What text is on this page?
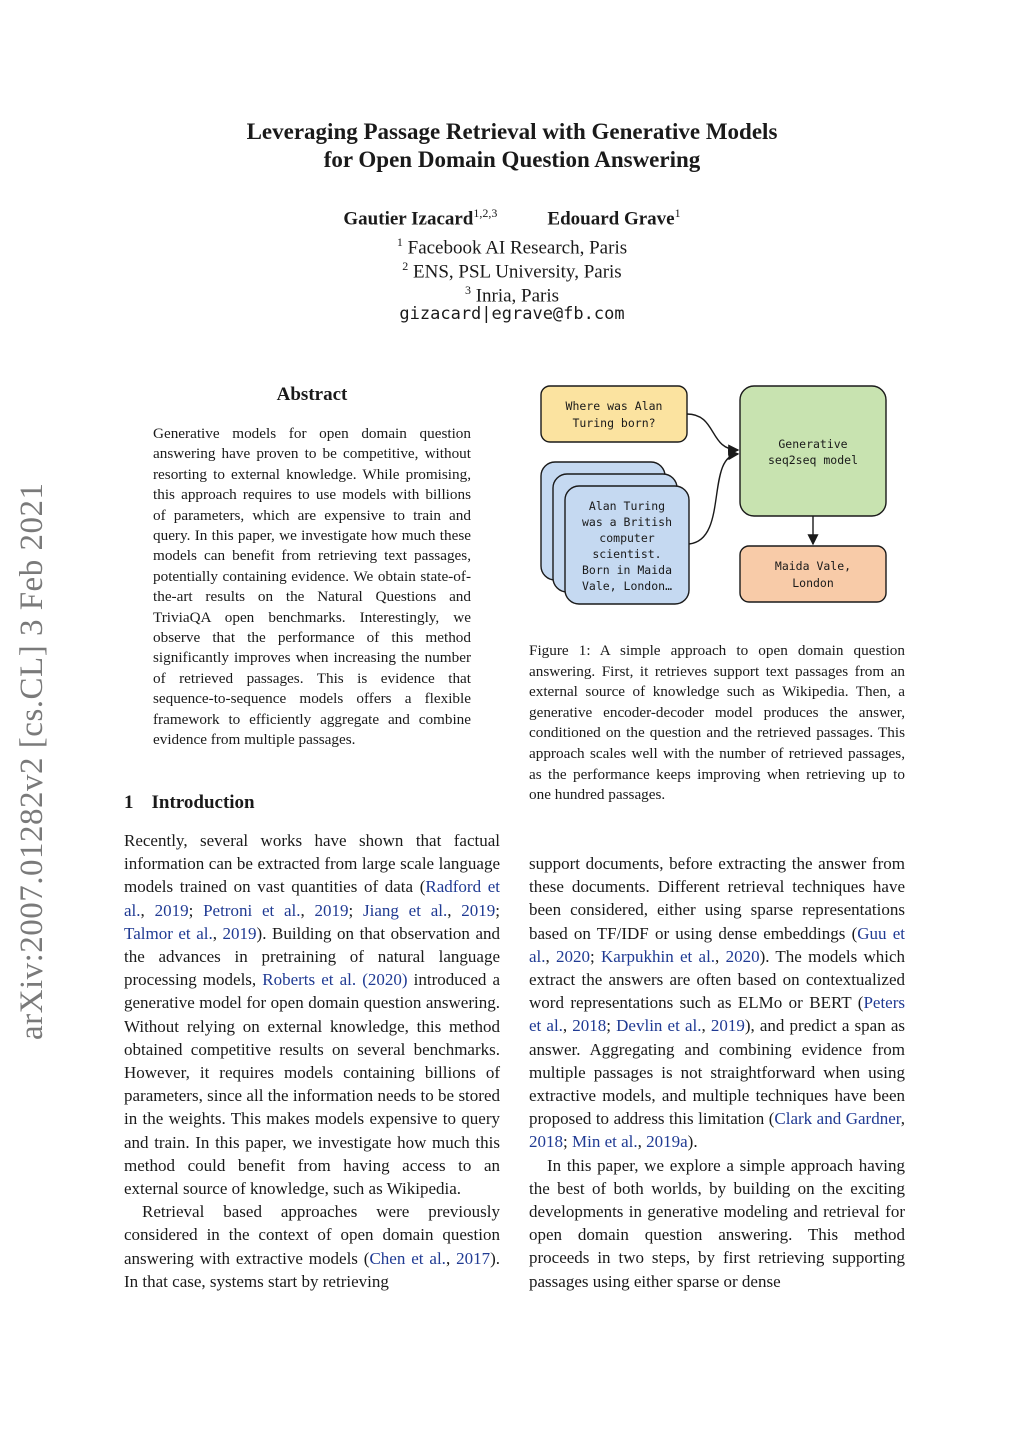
Leveraging Passage Retrieval with Generative Models
for Open Domain Question Answering
Gautier Izacard$^{1,2,3}$	Edouard Grave$^1$
$^1$ Facebook AI Research, Paris
$^2$ ENS, PSL University, Paris
$^3$ Inria, Paris
gizacard|egrave@fb.com
arXiv:2007.01282v2 [cs.CL] 3 Feb 2021
Abstract
Generative models for open domain question answering have proven to be competitive, without resorting to external knowledge. While promising, this approach requires to use models with billions of parameters, which are expensive to train and query. In this paper, we investigate how much these models can benefit from retrieving text passages, potentially containing evidence. We obtain state-of-the-art results on the Natural Questions and TriviaQA open benchmarks. Interestingly, we observe that the performance of this method significantly improves when increasing the number of retrieved passages. This is evidence that sequence-to-sequence models offers a flexible framework to efficiently aggregate and combine evidence from multiple passages.
1 Introduction

Recently, several works have shown that factual information can be extracted from large scale language models trained on vast quantities of data (Radford et al., 2019; Petroni et al., 2019; Jiang et al., 2019; Talmor et al., 2019). Building on that observation and the advances in pretraining of natural language processing models, Roberts et al. (2020) introduced a generative model for open domain question answering. Without relying on external knowledge, this method obtained competitive results on several benchmarks. However, it requires models containing billions of parameters, since all the information needs to be stored in the weights. This makes models expensive to query and train. In this paper, we investigate how much this method could benefit from having access to an external source of knowledge, such as Wikipedia.

Retrieval based approaches were previously considered in the context of open domain question answering with extractive models (Chen et al., 2017). In that case, systems start by retrieving

Where was Alan
Turing born?
Alan Turing
was a British
computer
scientist.
Born in Maida
Vale, London…
Generative
seq2seq model
Maida Vale,
London
Figure 1: A simple approach to open domain question answering. First, it retrieves support text passages from an external source of knowledge such as Wikipedia. Then, a generative encoder-decoder model produces the answer, conditioned on the question and the retrieved passages. This approach scales well with the number of retrieved passages, as the performance keeps improving when retrieving up to one hundred passages.

support documents, before extracting the answer from these documents. Different retrieval techniques have been considered, either using sparse representations based on TF/IDF or using dense embeddings (Guu et al., 2020; Karpukhin et al., 2020). The models which extract the answers are often based on contextualized word representations such as ELMo or BERT (Peters et al., 2018; Devlin et al., 2019), and predict a span as answer. Aggregating and combining evidence from multiple passages is not straightforward when using extractive models, and multiple techniques have been proposed to address this limitation (Clark and Gardner, 2018; Min et al., 2019a).

In this paper, we explore a simple approach having the best of both worlds, by building on the exciting developments in generative modeling and retrieval for open domain question answering. This method proceeds in two steps, by first retrieving supporting passages using either sparse or dense
